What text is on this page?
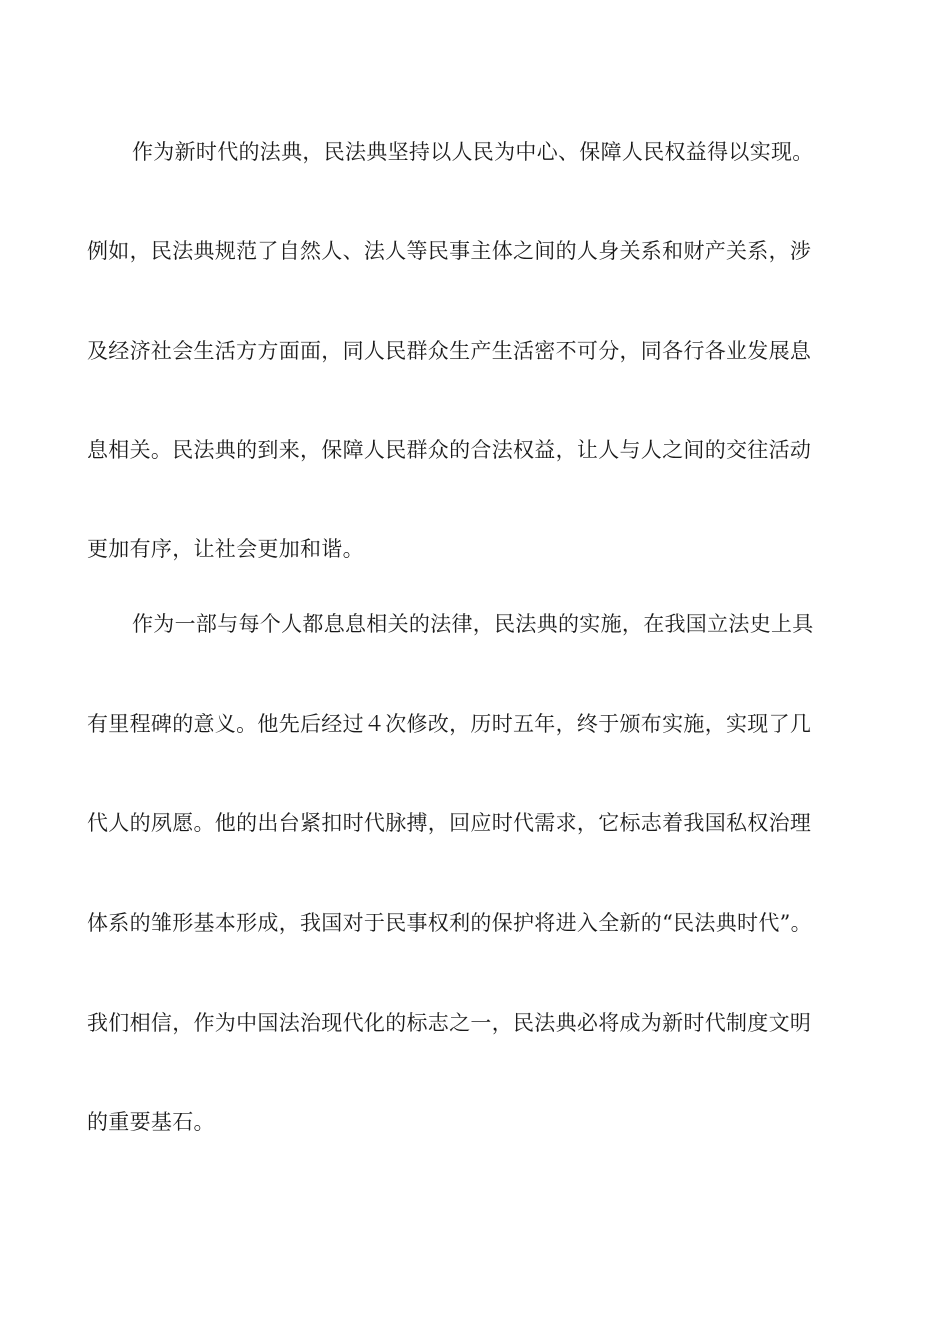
作为新时代的法典，民法典坚持以人民为中心、保障人民权益得以实现。
例如，民法典规范了自然人、法人等民事主体之间的人身关系和财产关系，涉
及经济社会生活方方面面，同人民群众生产生活密不可分，同各行各业发展息
息相关。民法典的到来，保障人民群众的合法权益，让人与人之间的交往活动
更加有序，让社会更加和谐。
作为一部与每个人都息息相关的法律，民法典的实施，在我国立法史上具
有里程碑的意义。他先后经过４次修改，历时五年，终于颁布实施，实现了几
代人的夙愿。他的出台紧扣时代脉搏，回应时代需求，它标志着我国私权治理
体系的雏形基本形成，我国对于民事权利的保护将进入全新的“民法典时代”。
我们相信，作为中国法治现代化的标志之一，民法典必将成为新时代制度文明
的重要基石。
